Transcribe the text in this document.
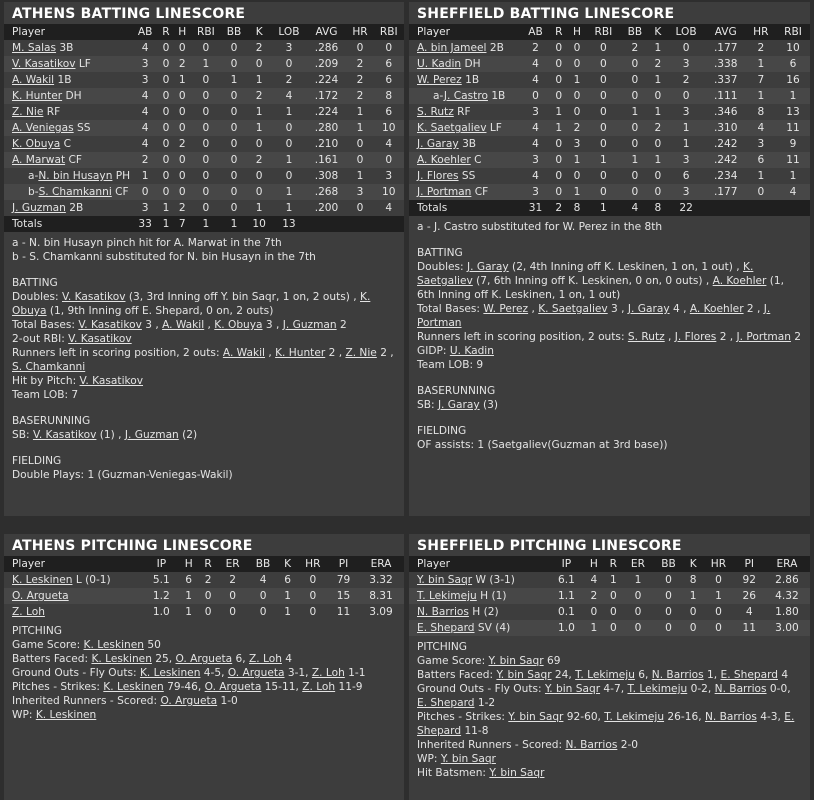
ATHENS BATTING LINESCORE
Player	AB	R	H	RBI	BB	K	LOB	AVG	HR	RBI
M. Salas 3B	4	0	0	0	0	2	3	.286	0	0
V. Kasatikov LF	3	0	2	1	0	0	0	.209	2	6
A. Wakil 1B	3	0	1	0	1	1	2	.224	2	6
K. Hunter DH	4	0	0	0	0	2	4	.172	2	8
Z. Nie RF	4	0	0	0	0	1	1	.224	1	6
A. Veniegas SS	4	0	0	0	0	1	0	.280	1	10
K. Obuya C	4	0	2	0	0	0	0	.210	0	4
A. Marwat CF	2	0	0	0	0	2	1	.161	0	0
a-N. bin Husayn PH	1	0	0	0	0	0	0	.308	1	3
b-S. Chamkanni CF	0	0	0	0	0	0	1	.268	3	10
J. Guzman 2B	3	1	2	0	0	1	1	.200	0	4
Totals	33	1	7	1	1	10	13			

a - N. bin Husayn pinch hit for A. Marwat in the 7th

b - S. Chamkanni substituted for N. bin Husayn in the 7th

BATTING

Doubles: V. Kasatikov (3, 3rd Inning off Y. bin Saqr, 1 on, 2 outs) , K. Obuya (1, 9th Inning off E. Shepard, 0 on, 2 outs)

Total Bases: V. Kasatikov 3 , A. Wakil , K. Obuya 3 , J. Guzman 2

2-out RBI: V. Kasatikov

Runners left in scoring position, 2 outs: A. Wakil , K. Hunter 2 , Z. Nie 2 , S. Chamkanni

Hit by Pitch: V. Kasatikov

Team LOB: 7

BASERUNNING

SB: V. Kasatikov (1) , J. Guzman (2)

FIELDING

Double Plays: 1 (Guzman-Veniegas-Wakil)

SHEFFIELD BATTING LINESCORE
Player	AB	R	H	RBI	BB	K	LOB	AVG	HR	RBI
A. bin Jameel 2B	2	0	0	0	2	1	0	.177	2	10
U. Kadin DH	4	0	0	0	0	2	3	.338	1	6
W. Perez 1B	4	0	1	0	0	1	2	.337	7	16
a-J. Castro 1B	0	0	0	0	0	0	0	.111	1	1
S. Rutz RF	3	1	0	0	1	1	3	.346	8	13
K. Saetgaliev LF	4	1	2	0	0	2	1	.310	4	11
J. Garay 3B	4	0	3	0	0	0	1	.242	3	9
A. Koehler C	3	0	1	1	1	1	3	.242	6	11
J. Flores SS	4	0	0	0	0	0	6	.234	1	1
J. Portman CF	3	0	1	0	0	0	3	.177	0	4
Totals	31	2	8	1	4	8	22			

a - J. Castro substituted for W. Perez in the 8th

BATTING

Doubles: J. Garay (2, 4th Inning off K. Leskinen, 1 on, 1 out) , K. Saetgaliev (7, 6th Inning off K. Leskinen, 0 on, 0 outs) , A. Koehler (1, 6th Inning off K. Leskinen, 1 on, 1 out)

Total Bases: W. Perez , K. Saetgaliev 3 , J. Garay 4 , A. Koehler 2 , J. Portman

Runners left in scoring position, 2 outs: S. Rutz , J. Flores 2 , J. Portman 2

GIDP: U. Kadin

Team LOB: 9

BASERUNNING

SB: J. Garay (3)

FIELDING

OF assists: 1 (Saetgaliev(Guzman at 3rd base))

ATHENS PITCHING LINESCORE
Player	IP	H	R	ER	BB	K	HR	PI	ERA
K. Leskinen L (0-1)	5.1	6	2	2	4	6	0	79	3.32
O. Argueta	1.2	1	0	0	0	1	0	15	8.31
Z. Loh	1.0	1	0	0	0	1	0	11	3.09

PITCHING

Game Score: K. Leskinen 50

Batters Faced: K. Leskinen 25, O. Argueta 6, Z. Loh 4

Ground Outs - Fly Outs: K. Leskinen 4-5, O. Argueta 3-1, Z. Loh 1-1

Pitches - Strikes: K. Leskinen 79-46, O. Argueta 15-11, Z. Loh 11-9

Inherited Runners - Scored: O. Argueta 1-0

WP: K. Leskinen

SHEFFIELD PITCHING LINESCORE
Player	IP	H	R	ER	BB	K	HR	PI	ERA
Y. bin Saqr W (3-1)	6.1	4	1	1	0	8	0	92	2.86
T. Lekimeju H (1)	1.1	2	0	0	0	1	1	26	4.32
N. Barrios H (2)	0.1	0	0	0	0	0	0	4	1.80
E. Shepard SV (4)	1.0	1	0	0	0	0	0	11	3.00

PITCHING

Game Score: Y. bin Saqr 69

Batters Faced: Y. bin Saqr 24, T. Lekimeju 6, N. Barrios 1, E. Shepard 4

Ground Outs - Fly Outs: Y. bin Saqr 4-7, T. Lekimeju 0-2, N. Barrios 0-0, E. Shepard 1-2

Pitches - Strikes: Y. bin Saqr 92-60, T. Lekimeju 26-16, N. Barrios 4-3, E. Shepard 11-8

Inherited Runners - Scored: N. Barrios 2-0

WP: Y. bin Saqr

Hit Batsmen: Y. bin Saqr
